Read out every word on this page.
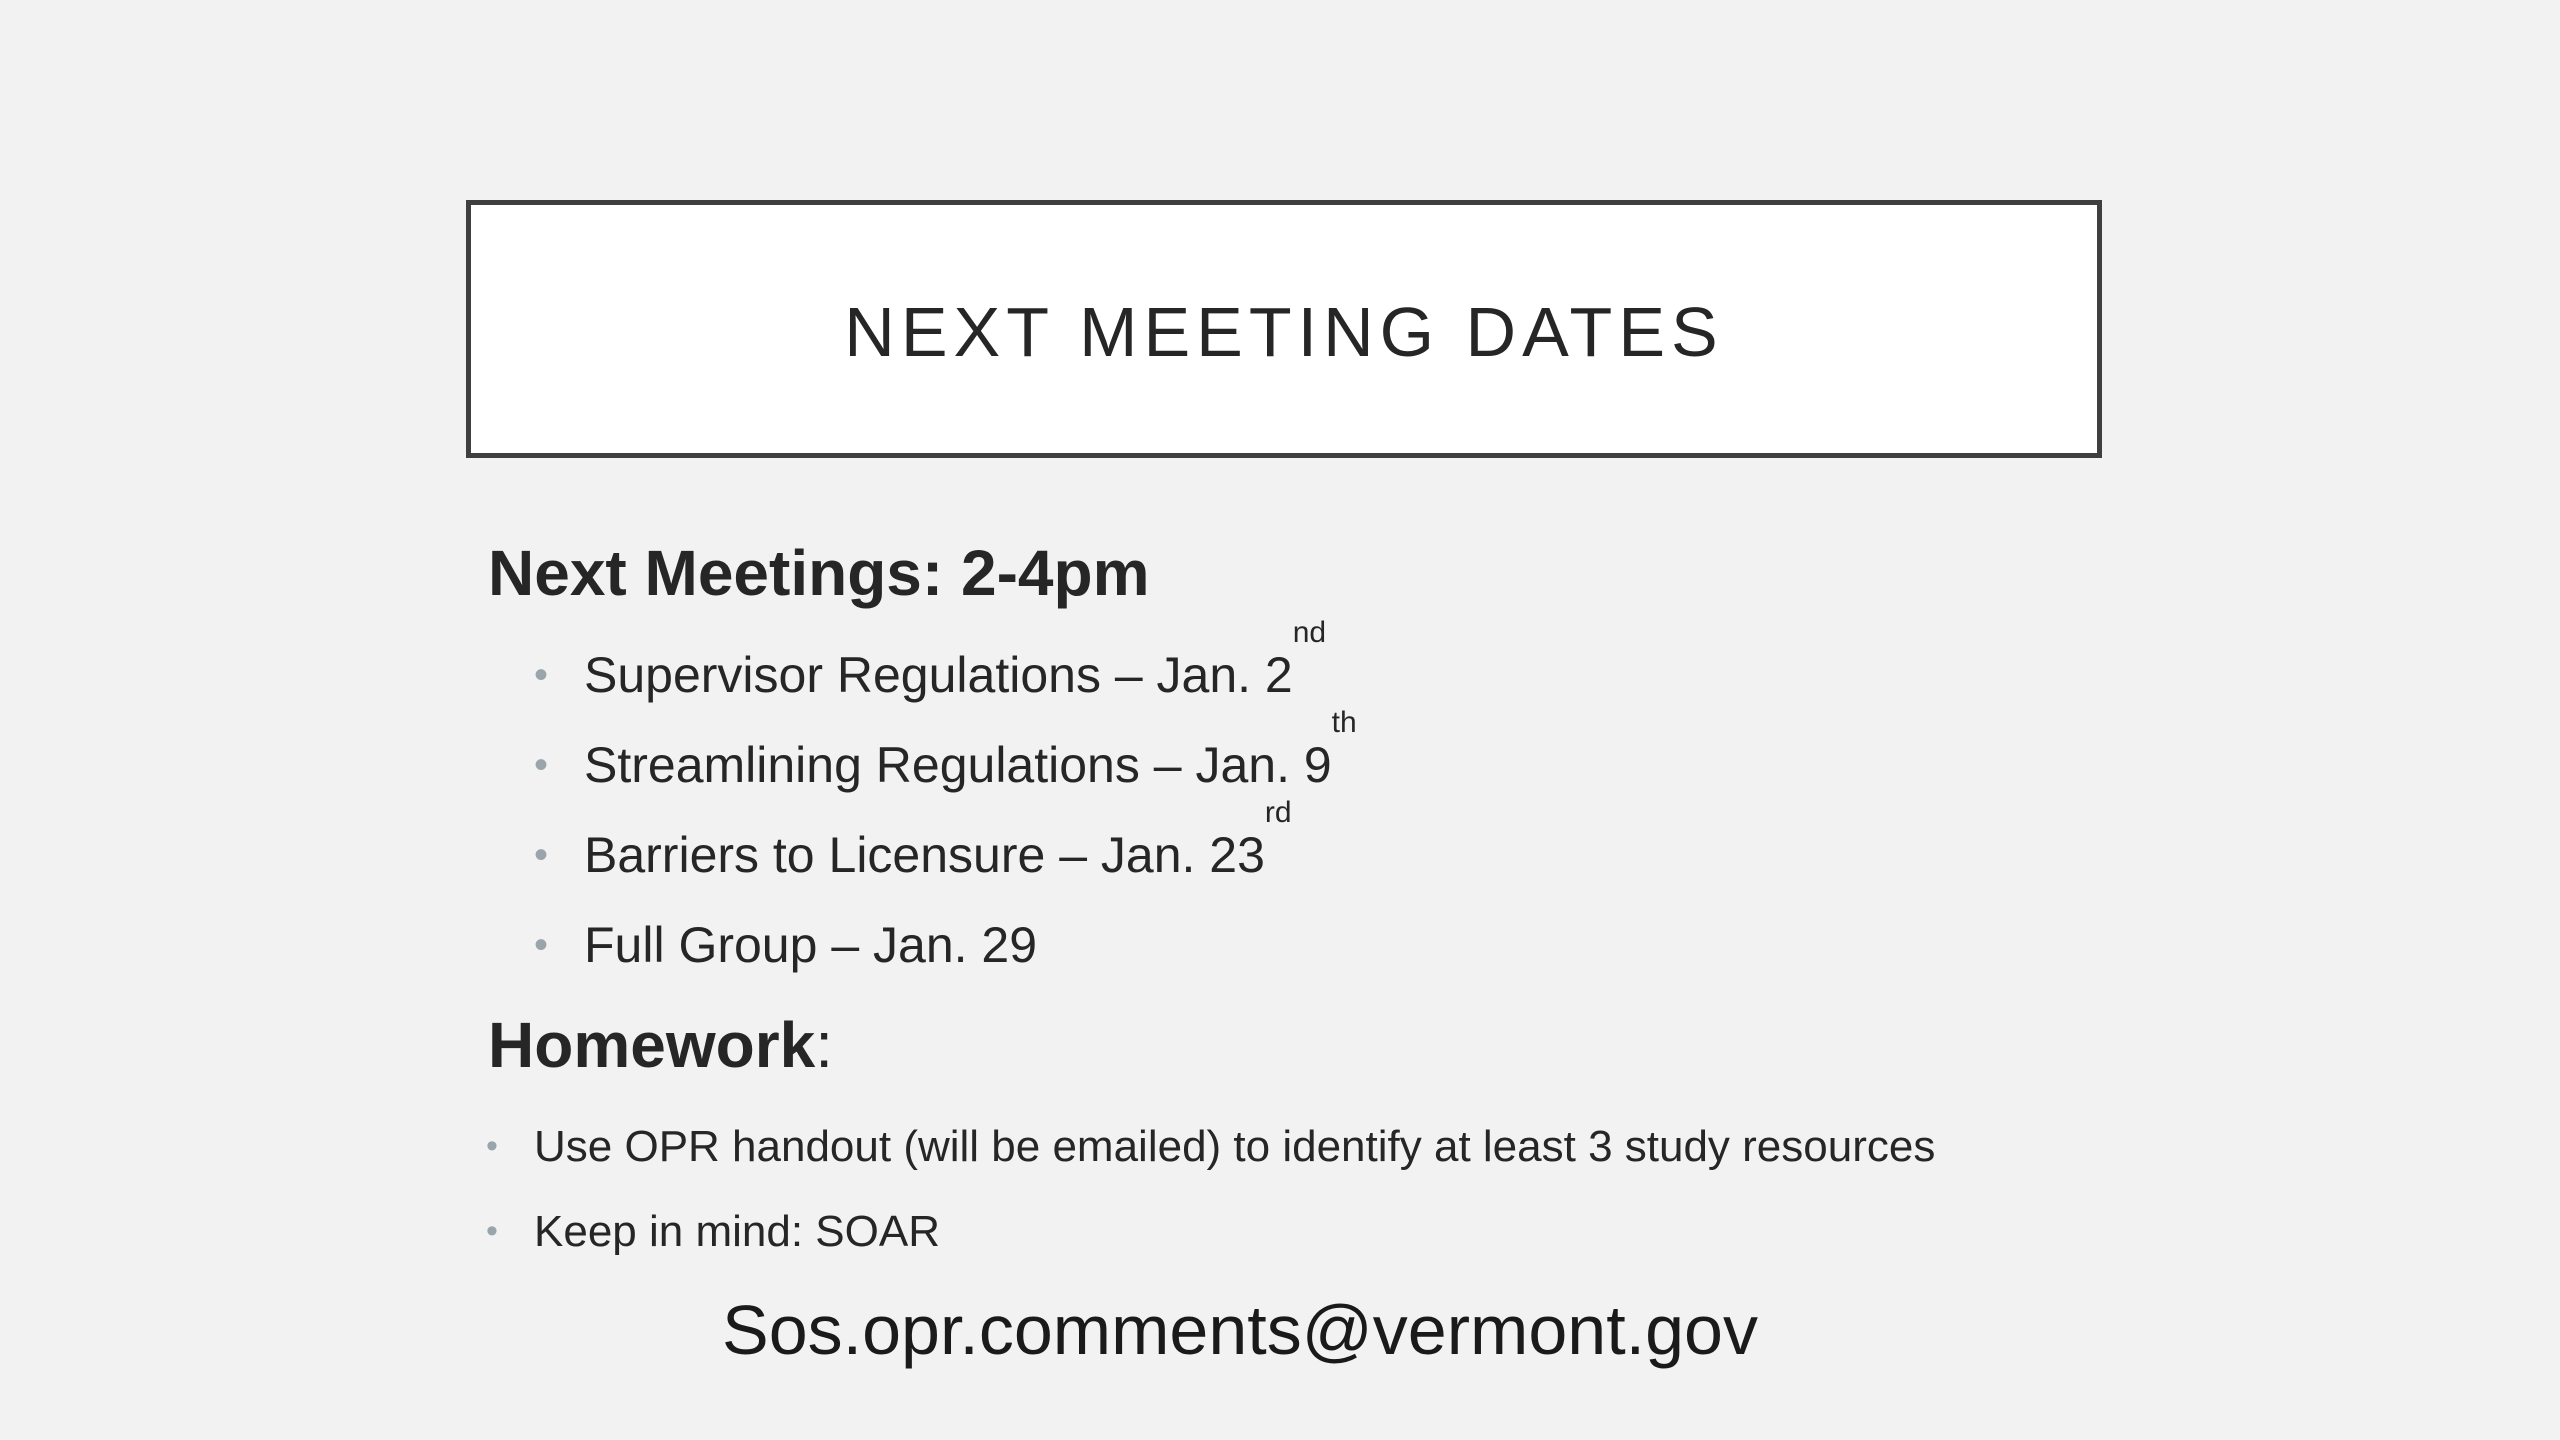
NEXT MEETING DATES
Next Meetings: 2-4pm
• Supervisor Regulations – Jan. 2nd
• Streamlining Regulations – Jan. 9th
• Barriers to Licensure – Jan. 23rd
• Full Group – Jan. 29
Homework:
• Use OPR handout (will be emailed) to identify at least 3 study resources
• Keep in mind: SOAR
Sos.opr.comments@vermont.gov
